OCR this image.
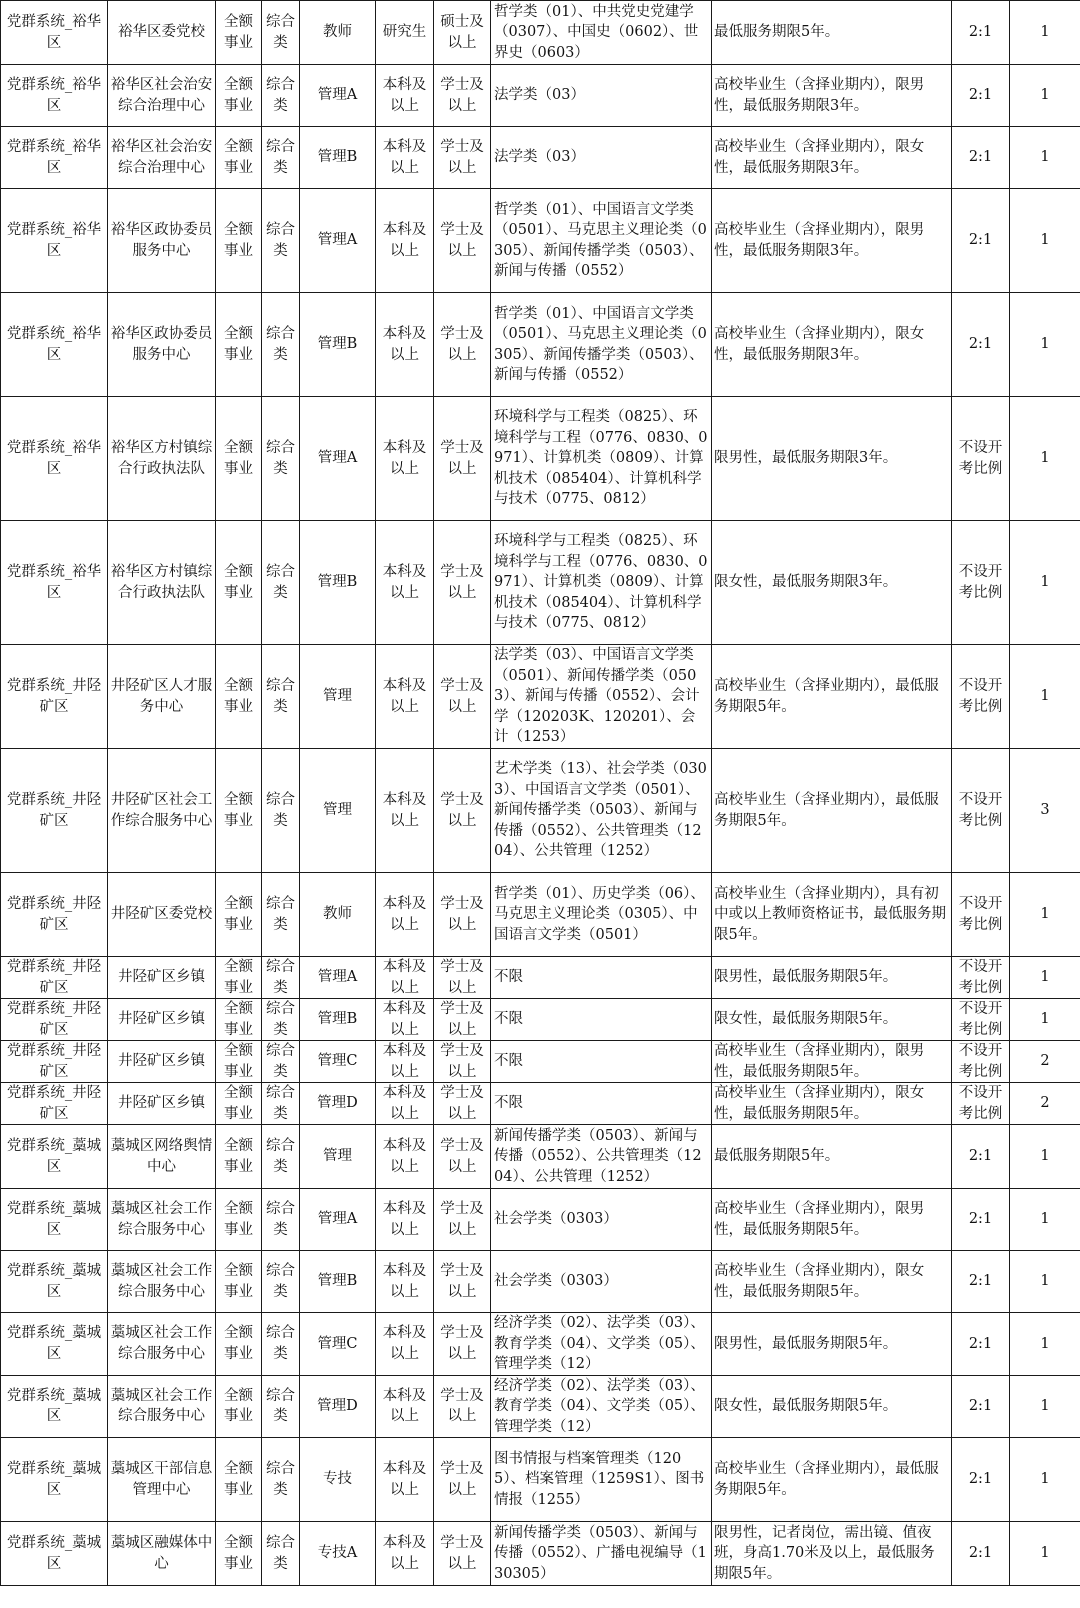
党群系统_裕华区	裕华区委党校	全额事业	综合类	教师	研究生	硕士及以上	哲学类（01）、中共党史党建学（0307）、中国史（0602）、世界史（0603）	最低服务期限5年。	2:1	1
党群系统_裕华区	裕华区社会治安综合治理中心	全额事业	综合类	管理A	本科及以上	学士及以上	法学类（03）	高校毕业生（含择业期内），限男性，最低服务期限3年。	2:1	1
党群系统_裕华区	裕华区社会治安综合治理中心	全额事业	综合类	管理B	本科及以上	学士及以上	法学类（03）	高校毕业生（含择业期内），限女性，最低服务期限3年。	2:1	1
党群系统_裕华区	裕华区政协委员服务中心	全额事业	综合类	管理A	本科及以上	学士及以上	哲学类（01）、中国语言文学类（0501）、马克思主义理论类（0305）、新闻传播学类（0503）、新闻与传播（0552）	高校毕业生（含择业期内），限男性，最低服务期限3年。	2:1	1
党群系统_裕华区	裕华区政协委员服务中心	全额事业	综合类	管理B	本科及以上	学士及以上	哲学类（01）、中国语言文学类（0501）、马克思主义理论类（0305）、新闻传播学类（0503）、新闻与传播（0552）	高校毕业生（含择业期内），限女性，最低服务期限3年。	2:1	1
党群系统_裕华区	裕华区方村镇综合行政执法队	全额事业	综合类	管理A	本科及以上	学士及以上	环境科学与工程类（0825）、环境科学与工程（0776、0830、0971）、计算机类（0809）、计算机技术（085404）、计算机科学与技术（0775、0812）	限男性，最低服务期限3年。	不设开考比例	1
党群系统_裕华区	裕华区方村镇综合行政执法队	全额事业	综合类	管理B	本科及以上	学士及以上	环境科学与工程类（0825）、环境科学与工程（0776、0830、0971）、计算机类（0809）、计算机技术（085404）、计算机科学与技术（0775、0812）	限女性，最低服务期限3年。	不设开考比例	1
党群系统_井陉矿区	井陉矿区人才服务中心	全额事业	综合类	管理	本科及以上	学士及以上	法学类（03）、中国语言文学类（0501）、新闻传播学类（0503）、新闻与传播（0552）、会计学（120203K、120201）、会计（1253）	高校毕业生（含择业期内），最低服务期限5年。	不设开考比例	1
党群系统_井陉矿区	井陉矿区社会工作综合服务中心	全额事业	综合类	管理	本科及以上	学士及以上	艺术学类（13）、社会学类（0303）、中国语言文学类（0501）、新闻传播学类（0503）、新闻与传播（0552）、公共管理类（1204）、公共管理（1252）	高校毕业生（含择业期内），最低服务期限5年。	不设开考比例	3
党群系统_井陉矿区	井陉矿区委党校	全额事业	综合类	教师	本科及以上	学士及以上	哲学类（01）、历史学类（06）、马克思主义理论类（0305）、中国语言文学类（0501）	高校毕业生（含择业期内），具有初中或以上教师资格证书，最低服务期限5年。	不设开考比例	1
党群系统_井陉矿区	井陉矿区乡镇	全额事业	综合类	管理A	本科及以上	学士及以上	不限	限男性，最低服务期限5年。	不设开考比例	1
党群系统_井陉矿区	井陉矿区乡镇	全额事业	综合类	管理B	本科及以上	学士及以上	不限	限女性，最低服务期限5年。	不设开考比例	1
党群系统_井陉矿区	井陉矿区乡镇	全额事业	综合类	管理C	本科及以上	学士及以上	不限	高校毕业生（含择业期内），限男性，最低服务期限5年。	不设开考比例	2
党群系统_井陉矿区	井陉矿区乡镇	全额事业	综合类	管理D	本科及以上	学士及以上	不限	高校毕业生（含择业期内），限女性，最低服务期限5年。	不设开考比例	2
党群系统_藁城区	藁城区网络舆情中心	全额事业	综合类	管理	本科及以上	学士及以上	新闻传播学类（0503）、新闻与传播（0552）、公共管理类（1204）、公共管理（1252）	最低服务期限5年。	2:1	1
党群系统_藁城区	藁城区社会工作综合服务中心	全额事业	综合类	管理A	本科及以上	学士及以上	社会学类（0303）	高校毕业生（含择业期内），限男性，最低服务期限5年。	2:1	1
党群系统_藁城区	藁城区社会工作综合服务中心	全额事业	综合类	管理B	本科及以上	学士及以上	社会学类（0303）	高校毕业生（含择业期内），限女性，最低服务期限5年。	2:1	1
党群系统_藁城区	藁城区社会工作综合服务中心	全额事业	综合类	管理C	本科及以上	学士及以上	经济学类（02）、法学类（03）、教育学类（04）、文学类（05）、管理学类（12）	限男性，最低服务期限5年。	2:1	1
党群系统_藁城区	藁城区社会工作综合服务中心	全额事业	综合类	管理D	本科及以上	学士及以上	经济学类（02）、法学类（03）、教育学类（04）、文学类（05）、管理学类（12）	限女性，最低服务期限5年。	2:1	1
党群系统_藁城区	藁城区干部信息管理中心	全额事业	综合类	专技	本科及以上	学士及以上	图书情报与档案管理类（1205）、档案管理（1259S1）、图书情报（1255）	高校毕业生（含择业期内），最低服务期限5年。	2:1	1
党群系统_藁城区	藁城区融媒体中心	全额事业	综合类	专技A	本科及以上	学士及以上	新闻传播学类（0503）、新闻与传播（0552）、广播电视编导（130305）	限男性，记者岗位，需出镜、值夜班，身高1.70米及以上，最低服务期限5年。	2:1	1
